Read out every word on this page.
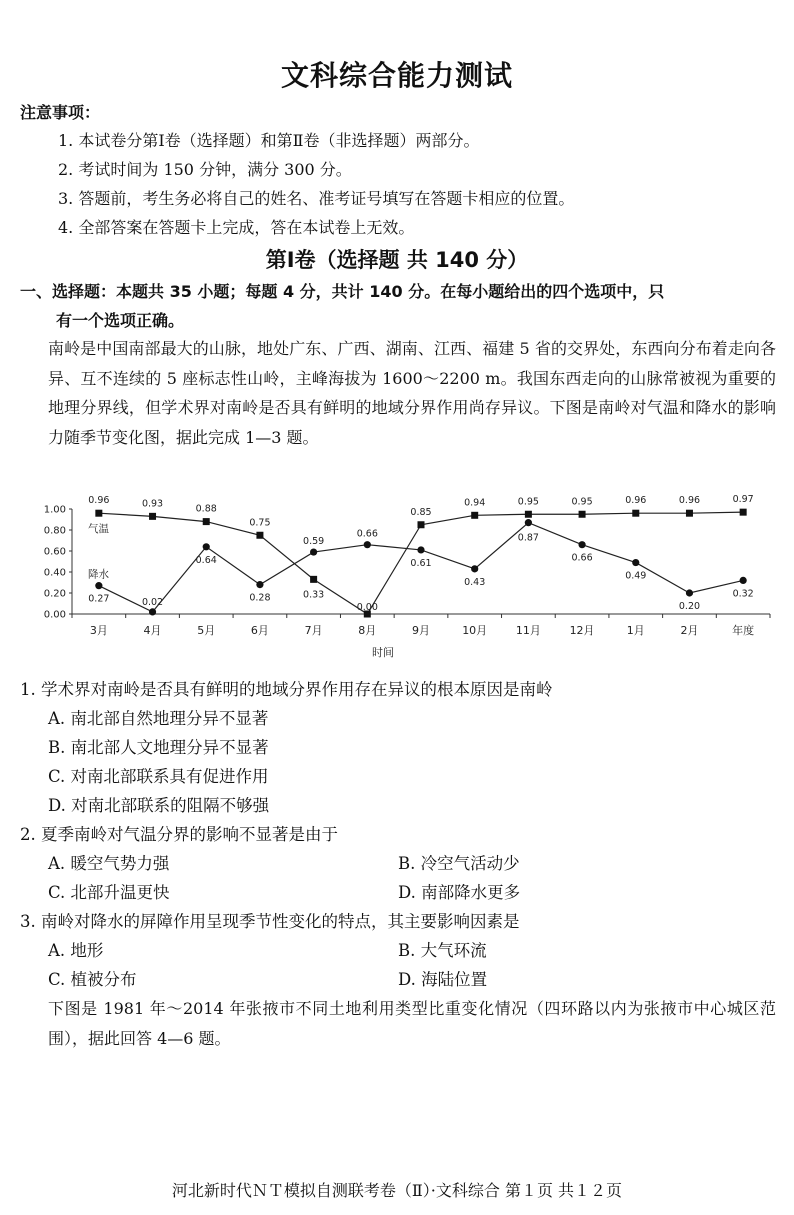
文科综合能力测试
注意事项：
1. 本试卷分第Ⅰ卷（选择题）和第Ⅱ卷（非选择题）两部分。
2. 考试时间为 150 分钟，满分 300 分。
3. 答题前，考生务必将自己的姓名、准考证号填写在答题卡相应的位置。
4. 全部答案在答题卡上完成，答在本试卷上无效。
第Ⅰ卷（选择题 共 140 分）
一、选择题：本题共 35 小题；每题 4 分，共计 140 分。在每小题给出的四个选项中，只
有一个选项正确。
南岭是中国南部最大的山脉，地处广东、广西、湖南、江西、福建 5 省的交界处，东西向分布着走向各异、互不连续的 5 座标志性山岭，主峰海拔为 1600～2200 m。我国东西走向的山脉常被视为重要的地理分界线，但学术界对南岭是否具有鲜明的地域分界作用尚存异议。下图是南岭对气温和降水的影响力随季节变化图，据此完成 1—3 题。
0.00
0.20
0.40
0.60
0.80
1.00
3月	4月	5月	6月	7月	8月	9月	10月	11月	12月	1月	2月	年度
时间
0.96	0.93	0.88
0.75
0.33
0.85
0.94	0.95	0.95	0.96	0.96	0.97
气温
0.27	0.02
0.64
0.28
0.59
0.66
0.61
0.43
0.87
0.66
0.49
0.20
0.32
降水
0.00
1. 学术界对南岭是否具有鲜明的地域分界作用存在异议的根本原因是南岭
A. 南北部自然地理分异不显著
B. 南北部人文地理分异不显著
C. 对南北部联系具有促进作用
D. 对南北部联系的阻隔不够强
2. 夏季南岭对气温分界的影响不显著是由于
A. 暖空气势力强	B. 冷空气活动少
C. 北部升温更快	D. 南部降水更多
3. 南岭对降水的屏障作用呈现季节性变化的特点，其主要影响因素是
A. 地形	B. 大气环流
C. 植被分布	D. 海陆位置
下图是 1981 年～2014 年张掖市不同土地利用类型比重变化情况（四环路以内为张掖市中心城区范围），据此回答 4—6 题。
河北新时代ＮＴ模拟自测联考卷（Ⅱ）·文科综合 第１页 共１２页
